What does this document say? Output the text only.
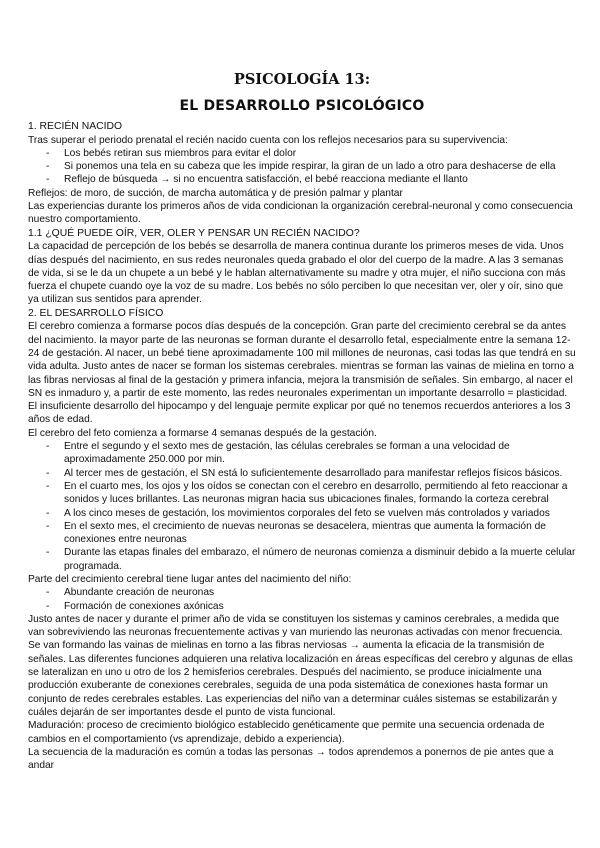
PSICOLOGÍA 13:

EL DESARROLLO PSICOLÓGICO

1. RECIÉN NACIDO

Tras superar el periodo prenatal el recién nacido cuenta con los reflejos necesarios para su supervivencia:

- Los bebés retiran sus miembros para evitar el dolor
- Si ponemos una tela en su cabeza que les impide respirar, la giran de un lado a otro para deshacerse de ella
- Reflejo de búsqueda → si no encuentra satisfacción, el bebé reacciona mediante el llanto

Reflejos: de moro, de succión, de marcha automática y de presión palmar y plantar

Las experiencias durante los primeros años de vida condicionan la organización cerebral-neuronal y como consecuencia nuestro comportamiento.

1.1 ¿QUÉ PUEDE OÍR, VER, OLER Y PENSAR UN RECIÉN NACIDO?

La capacidad de percepción de los bebés se desarrolla de manera continua durante los primeros meses de vida. Unos días después del nacimiento, en sus redes neuronales queda grabado el olor del cuerpo de la madre. A las 3 semanas de vida, si se le da un chupete a un bebé y le hablan alternativamente su madre y otra mujer, el niño succiona con más fuerza el chupete cuando oye la voz de su madre. Los bebés no sólo perciben lo que necesitan ver, oler y oír, sino que ya utilizan sus sentidos para aprender.

2. EL DESARROLLO FÍSICO

El cerebro comienza a formarse pocos días después de la concepción. Gran parte del crecimiento cerebral se da antes del nacimiento. la mayor parte de las neuronas se forman durante el desarrollo fetal, especialmente entre la semana 12-24 de gestación. Al nacer, un bebé tiene aproximadamente 100 mil millones de neuronas, casi todas las que tendrá en su vida adulta. Justo antes de nacer se forman los sistemas cerebrales. mientras se forman las vainas de mielina en torno a las fibras nerviosas al final de la gestación y primera infancia, mejora la transmisión de señales. Sin embargo, al nacer el SN es inmaduro y, a partir de este momento, las redes neuronales experimentan un importante desarrollo = plasticidad. El insuficiente desarrollo del hipocampo y del lenguaje permite explicar por qué no tenemos recuerdos anteriores a los 3 años de edad.

El cerebro del feto comienza a formarse 4 semanas después de la gestación.

- Entre el segundo y el sexto mes de gestación, las células cerebrales se forman a una velocidad de aproximadamente 250.000 por min.
- Al tercer mes de gestación, el SN está lo suficientemente desarrollado para manifestar reflejos físicos básicos.
- En el cuarto mes, los ojos y los oídos se conectan con el cerebro en desarrollo, permitiendo al feto reaccionar a sonidos y luces brillantes. Las neuronas migran hacia sus ubicaciones finales, formando la corteza cerebral
- A los cinco meses de gestación, los movimientos corporales del feto se vuelven más controlados y variados
- En el sexto mes, el crecimiento de nuevas neuronas se desacelera, mientras que aumenta la formación de conexiones entre neuronas
- Durante las etapas finales del embarazo, el número de neuronas comienza a disminuir debido a la muerte celular programada.

Parte del crecimiento cerebral tiene lugar antes del nacimiento del niño:

- Abundante creación de neuronas
- Formación de conexiones axónicas

Justo antes de nacer y durante el primer año de vida se constituyen los sistemas y caminos cerebrales, a medida que van sobreviviendo las neuronas frecuentemente activas y van muriendo las neuronas activadas con menor frecuencia. Se van formando las vainas de mielinas en torno a las fibras nerviosas → aumenta la eficacia de la transmisión de señales. Las diferentes funciones adquieren una relativa localización en áreas específicas del cerebro y algunas de ellas se lateralizan en uno u otro de los 2 hemisferios cerebrales. Después del nacimiento, se produce inicialmente una producción exuberante de conexiones cerebrales, seguida de una poda sistemática de conexiones hasta formar un conjunto de redes cerebrales estables. Las experiencias del niño van a determinar cuáles sistemas se estabilizarán y cuáles dejarán de ser importantes desde el punto de vista funcional.

Maduración: proceso de crecimiento biológico establecido genéticamente que permite una secuencia ordenada de cambios en el comportamiento (vs aprendizaje, debido a experiencia).

La secuencia de la maduración es común a todas las personas → todos aprendemos a ponernos de pie antes que a andar
